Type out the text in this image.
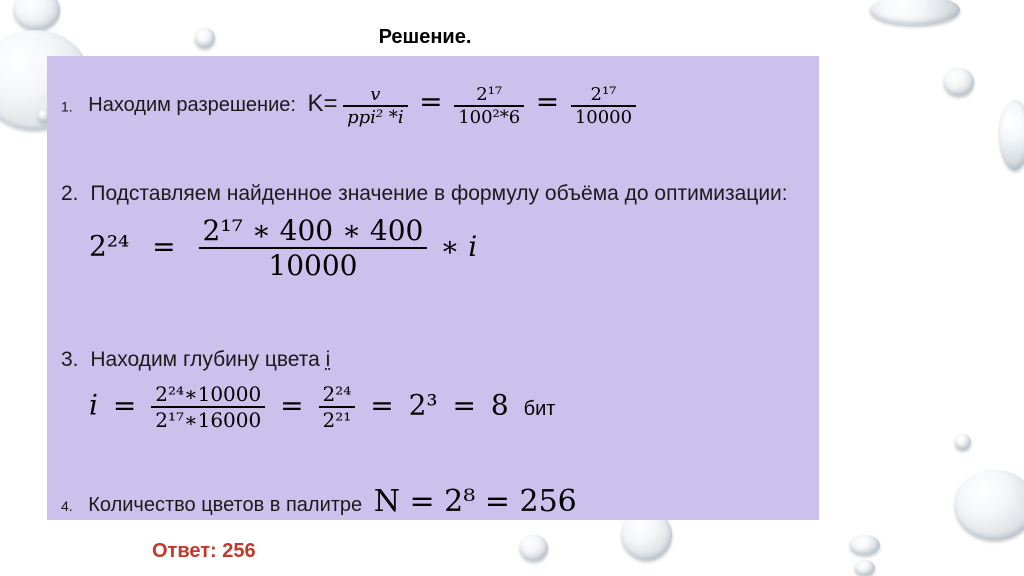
Решение.
1. Находим разрешение: $K= \frac{v}{\text{ppi² *i}} = \frac{\text{2¹⁷}}{\text{100²*6}} = \frac{\text{2¹⁷}}{10000}$
2. Подставляем найденное значение в формулу объёма до оптимизации:
$2^{24} = \frac{\text{2¹⁷ ∗ 400 ∗ 400}}{10000}$ ∗ i
3. Находим глубину цвета i
$i = \frac{\text{2²⁴∗10000}}{\text{2¹⁷∗16000}} = \frac{\text{2²⁴}}{\text{2²¹}} = 2^3 = 8$ бит
4. Количество цветов в палитре N = 2⁸ = 256
Ответ: 256
